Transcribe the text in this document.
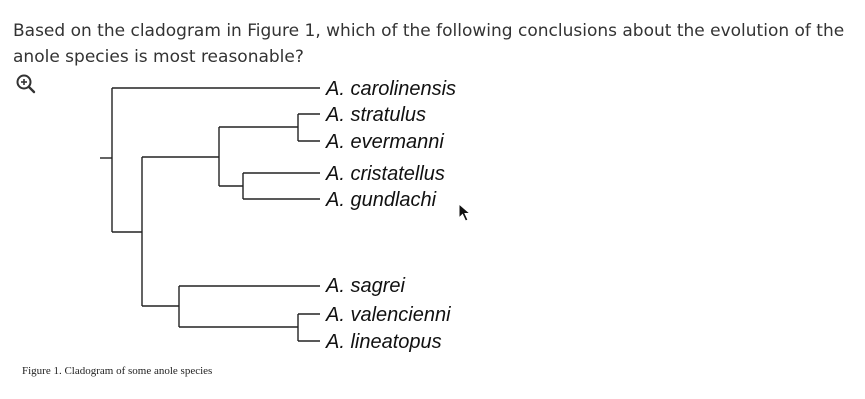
Based on the cladogram in Figure 1, which of the following conclusions about the evolution of the anole species is most reasonable?
A. carolinensis
A. stratulus
A. evermanni
A. cristatellus
A. gundlachi
A. sagrei
A. valencienni
A. lineatopus
Figure 1. Cladogram of some anole species
